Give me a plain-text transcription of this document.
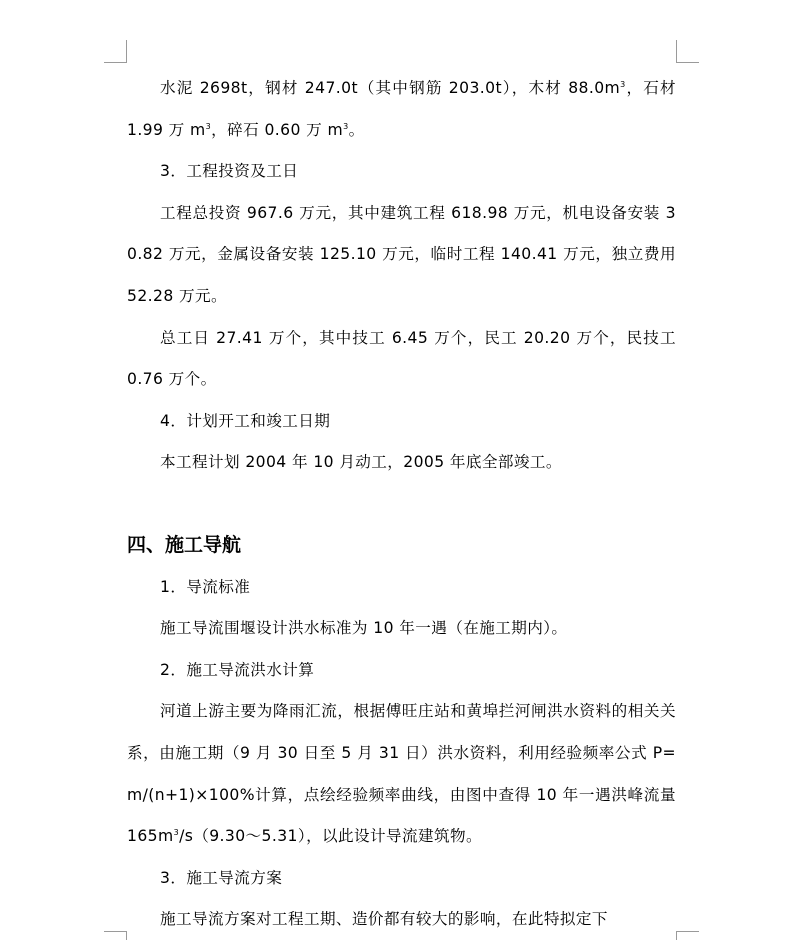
水泥 2698t，钢材 247.0t（其中钢筋 203.0t），木材 $88.0m^3$，石材 1.99 万 $m^3$，碎石 0.60 万 $m^3$。

3．工程投资及工日

工程总投资 967.6 万元，其中建筑工程 618.98 万元，机电设备安装 30.82 万元，金属设备安装 125.10 万元，临时工程 140.41 万元，独立费用 52.28 万元。

总工日 27.41 万个，其中技工 6.45 万个，民工 20.20 万个，民技工 0.76 万个。

4．计划开工和竣工日期

本工程计划 2004 年 10 月动工，2005 年底全部竣工。

四、施工导航

1．导流标准

施工导流围堰设计洪水标准为 10 年一遇（在施工期内）。

2．施工导流洪水计算

河道上游主要为降雨汇流，根据傅旺庄站和黄埠拦河闸洪水资料的相关关系，由施工期（9 月 30 日至 5 月 31 日）洪水资料，利用经验频率公式 P=m/(n+1)×100%计算，点绘经验频率曲线，由图中查得 10 年一遇洪峰流量 $165m^3/s(9.30\sim 5.31)$，以此设计导流建筑物。

3．施工导流方案

施工导流方案对工程工期、造价都有较大的影响，在此特拟定下
